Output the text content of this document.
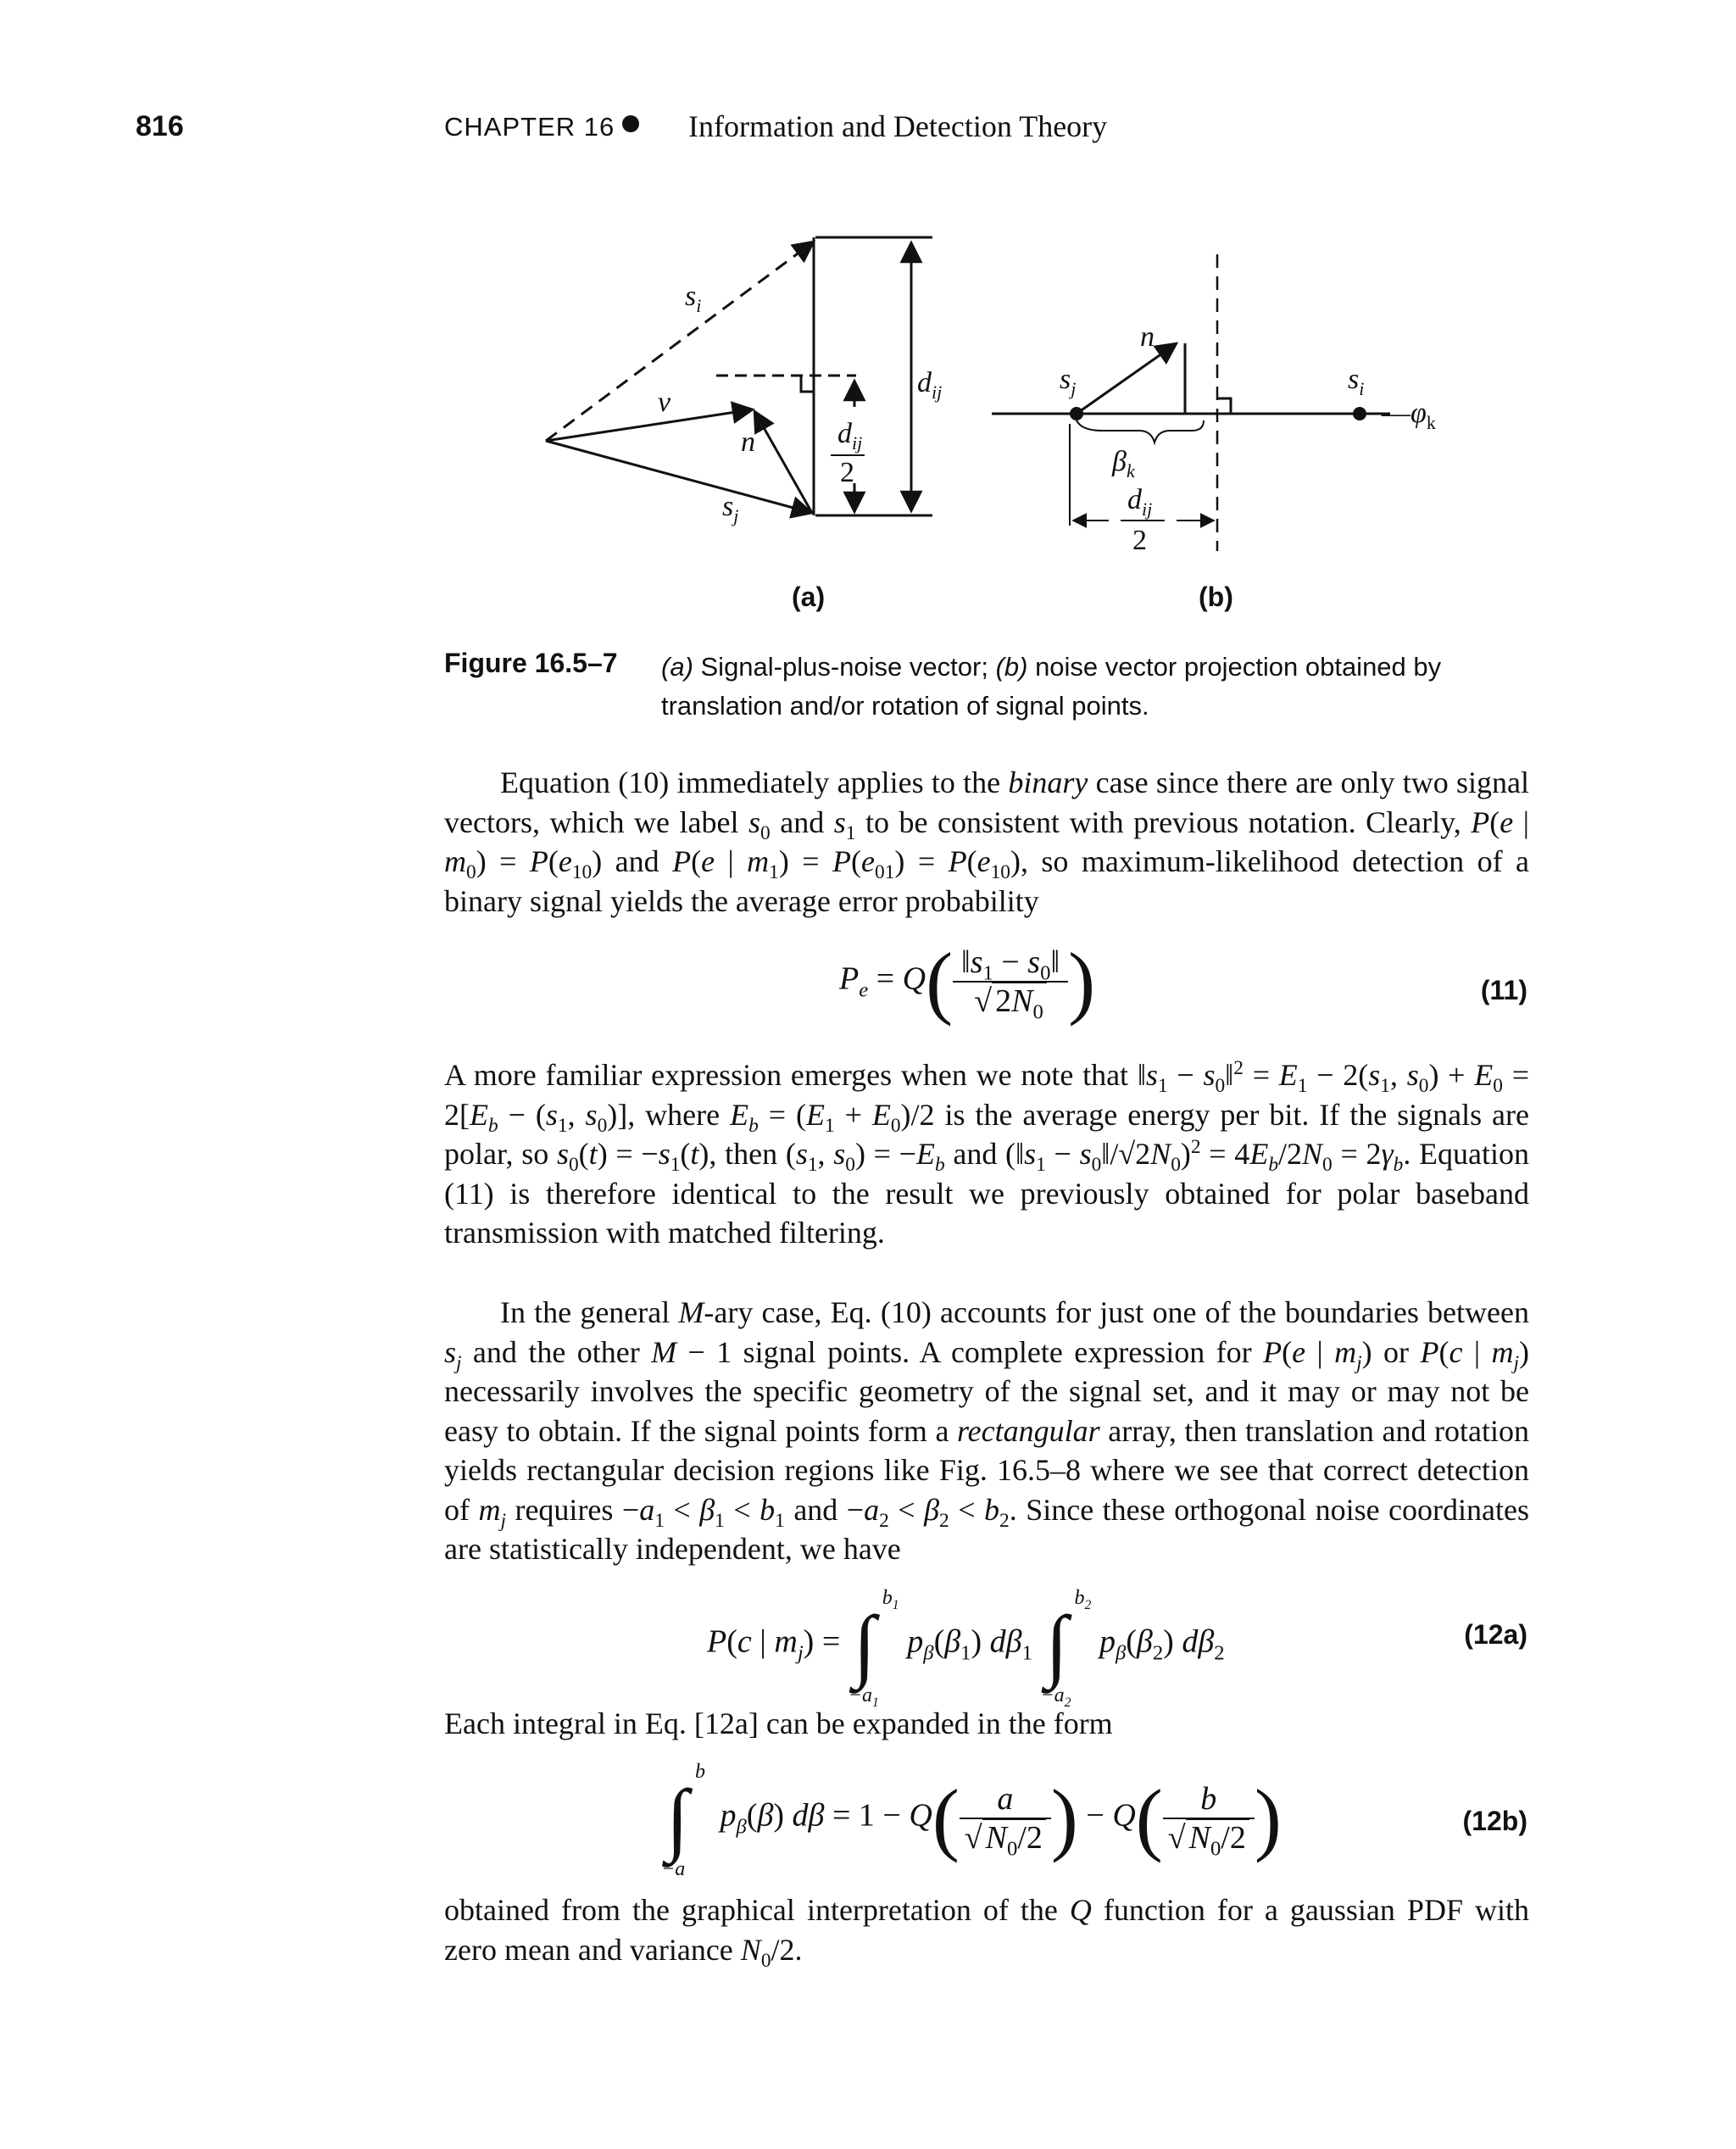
816	CHAPTER 16 Information and Detection Theory
$s_i$
v
n
$s_j$
$d_{ij}$
$d_{ij}$
2
n
$s_j$	$s_i$
$—\varphi_k$
$\beta_k$
$d_{ij}$
2
(a)	(b)
Figure 16.5–7 (a) Signal-plus-noise vector; (b) noise vector projection obtained by translation and/or rotation of signal points.
Equation (10) immediately applies to the binary case since there are only two signal vectors, which we label $s_0$ and $s_1$ to be consistent with previous notation. Clearly, P(e | $m_0) = P(e_{10})$ and P(e | $m_1) = P(e_{01}) = P(e_{10})$, so maximum-likelihood detection of a binary signal yields the average error probability
$P_e = Q( \frac{‖s_1 - s_0‖}{√ 2N_0}$ )	(11)
A more familiar expression emerges when we note that $‖s_1$ − $s_0‖^2 = E_1 - 2(s_1$, $s_0) + E_0 = 2[E_b - (s_1$, $s_0$)], where $E_b = (E_1 + E_0)/2$ is the average energy per bit. If the signals are polar, so $s_0(t) = -s_1(t)$, then ($s_1$, $s_0) = -E_b$ and ($‖s_1$ − $s_0‖/√2N_0)^2 = 4E_b/2N_0 = 2\gamma_b$. Equation (11) is therefore identical to the result we previously obtained for polar baseband transmission with matched filtering.
In the general M-ary case, Eq. (10) accounts for just one of the boundaries between $s_j$ and the other M − 1 signal points. A complete expression for P(e | $m_j$) or P(c | $m_j$) necessarily involves the specific geometry of the signal set, and it may or may not be easy to obtain. If the signal points form a rectangular array, then translation and rotation yields rectangular decision regions like Fig. 16.5–8 where we see that correct detection of $m_j$ requires $-a_1 < \beta_1 < b_1$ and $-a_2 < \beta_2 < b_2$. Since these orthogonal noise coordinates are statistically independent, we have
P(c | $m_j$) = ∫
$b_1$
$-a_1$
$p_\beta(\beta_1)$ $d\beta_1$ ∫
$b_2$
$-a_2$
$p_\beta(\beta_2)$ $d\beta_2$
(12a)
Each integral in Eq. [12a] can be expanded in the form
∫
b
−a
$p_\beta(\beta) d\beta = 1 - Q( \frac{a}{√ N_0/2}$ ) − $Q( \frac{b}{√ N_0/2}$ )	(12b)
obtained from the graphical interpretation of the Q function for a gaussian PDF with zero mean and variance $N_0/2$.
